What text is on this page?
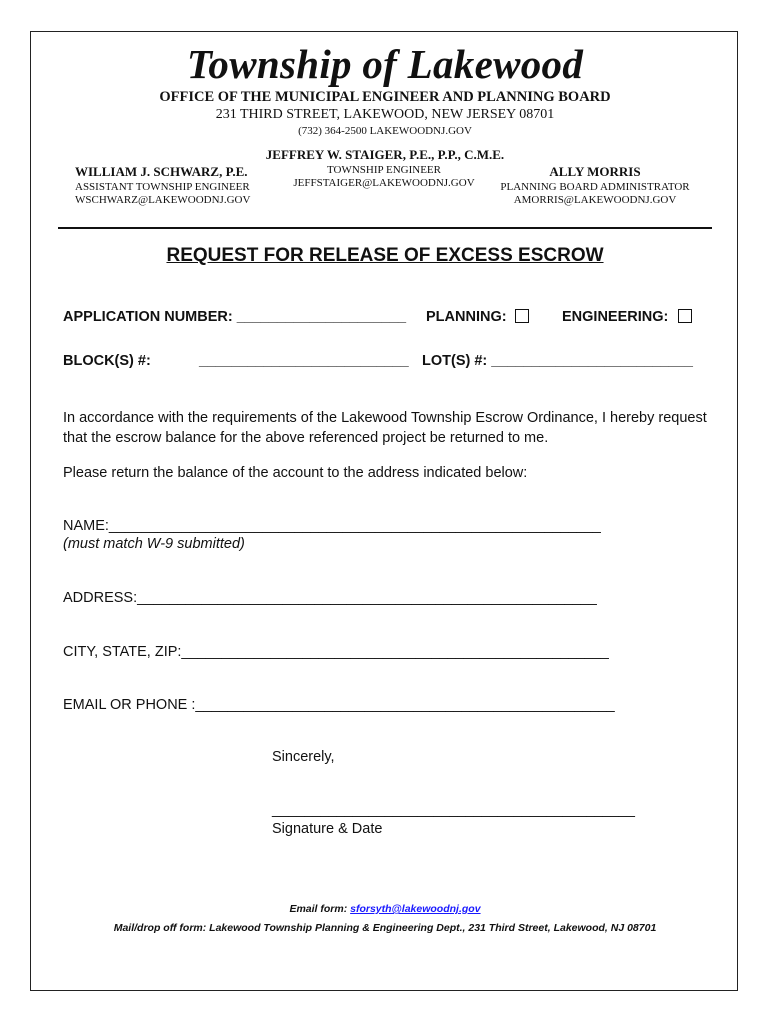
Township of Lakewood
OFFICE OF THE MUNICIPAL ENGINEER AND PLANNING BOARD
231 THIRD STREET, LAKEWOOD, NEW JERSEY 08701
(732) 364-2500 LAKEWOODNJ.GOV
JEFFREY W. STAIGER, P.E., P.P., C.M.E.
TOWNSHIP ENGINEER
JEFFSTAIGER@LAKEWOODNJ.GOV
WILLIAM J. SCHWARZ, P.E.
ASSISTANT TOWNSHIP ENGINEER
WSCHWARZ@LAKEWOODNJ.GOV
ALLY MORRIS
PLANNING BOARD ADMINISTRATOR
AMORRIS@LAKEWOODNJ.GOV
REQUEST FOR RELEASE OF EXCESS ESCROW
APPLICATION NUMBER: _____________________ PLANNING:	ENGINEERING:
BLOCK(S) #:	__________________________ LOT(S) #: _________________________
In accordance with the requirements of the Lakewood Township Escrow Ordinance, I hereby request that the escrow balance for the above referenced project be returned to me.
Please return the balance of the account to the address indicated below:
NAME:_____________________________________________________________
(must match W-9 submitted)
ADDRESS:_________________________________________________________
CITY, STATE, ZIP:_____________________________________________________
EMAIL OR PHONE :____________________________________________________
Sincerely,
_____________________________________________
Signature & Date
Email form: sforsyth@lakewoodnj.gov
Mail/drop off form: Lakewood Township Planning & Engineering Dept., 231 Third Street, Lakewood, NJ 08701
